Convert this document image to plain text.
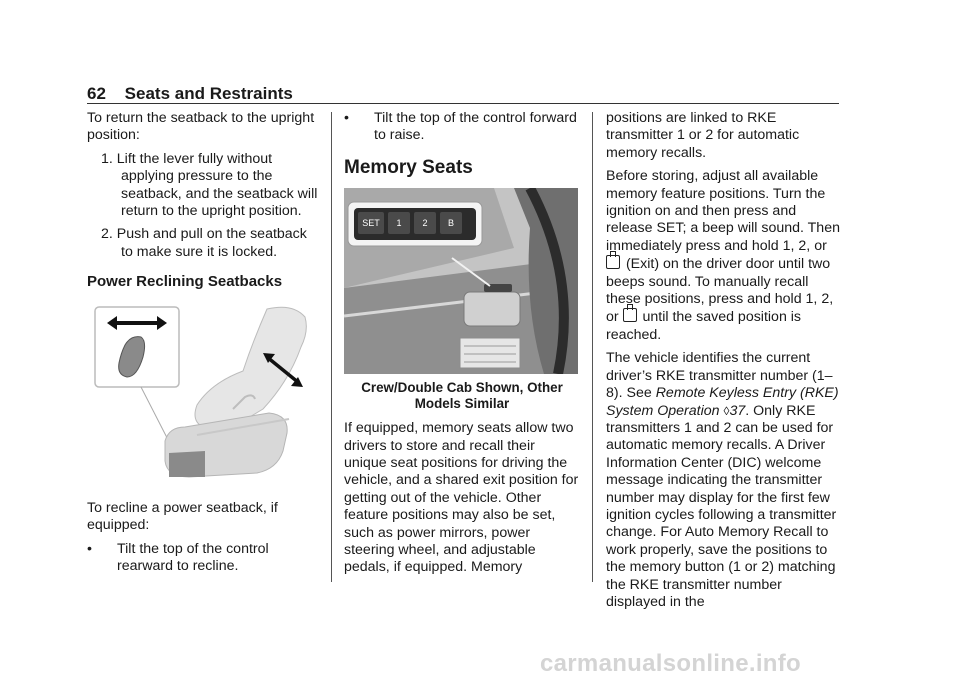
62 Seats and Restraints

To return the seatback to the upright position:

1. Lift the lever fully without applying pressure to the seatback, and the seatback will return to the upright position.

2. Push and pull on the seatback to make sure it is locked.

Power Reclining Seatbacks

To recline a power seatback, if equipped:

• Tilt the top of the control rearward to recline.

• Tilt the top of the control forward to raise.

Memory Seats
SET	1	2	B
Crew/Double Cab Shown, Other Models Similar

If equipped, memory seats allow two drivers to store and recall their unique seat positions for driving the vehicle, and a shared exit position for getting out of the vehicle. Other feature positions may also be set, such as power mirrors, power steering wheel, and adjustable pedals, if equipped. Memory

positions are linked to RKE transmitter 1 or 2 for automatic memory recalls.

Before storing, adjust all available memory feature positions. Turn the ignition on and then press and release SET; a beep will sound. Then immediately press and hold 1, 2, or  (Exit) on the driver door until two beeps sound. To manually recall these positions, press and hold 1, 2, or  until the saved position is reached.

The vehicle identifies the current driver’s RKE transmitter number (1–8). See Remote Keyless Entry (RKE) System Operation ◊37. Only RKE transmitters 1 and 2 can be used for automatic memory recalls. A Driver Information Center (DIC) welcome message indicating the transmitter number may display for the first few ignition cycles following a transmitter change. For Auto Memory Recall to work properly, save the positions to the memory button (1 or 2) matching the RKE transmitter number displayed in the

carmanualsonline.info
